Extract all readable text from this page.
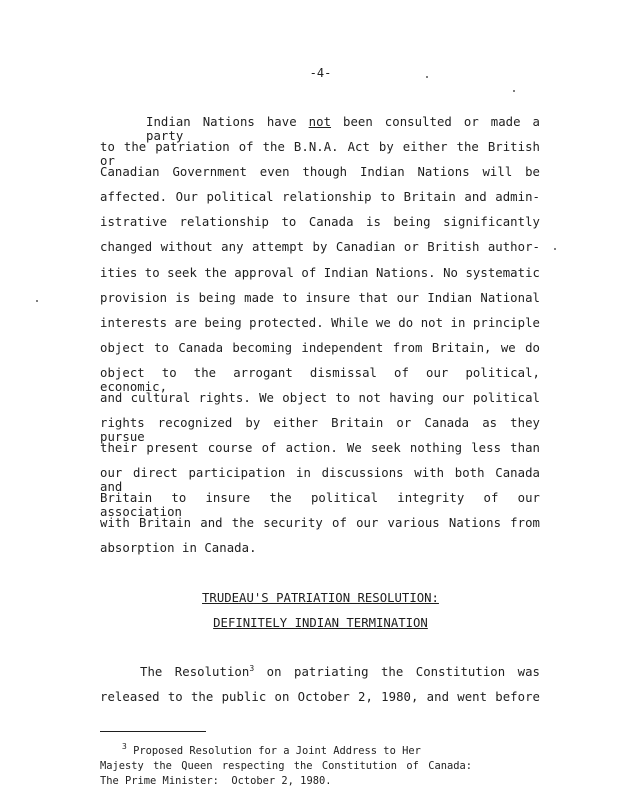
-4-
Indian Nations have not been consulted or made a party
to the patriation of the B.N.A. Act by either the British or
Canadian Government even though Indian Nations will be
affected. Our political relationship to Britain and admin-
istrative relationship to Canada is being significantly
changed without any attempt by Canadian or British author-
ities to seek the approval of Indian Nations. No systematic
provision is being made to insure that our Indian National
interests are being protected. While we do not in principle
object to Canada becoming independent from Britain, we do
object to the arrogant dismissal of our political, economic,
and cultural rights. We object to not having our political
rights recognized by either Britain or Canada as they pursue
their present course of action. We seek nothing less than
our direct participation in discussions with both Canada and
Britain to insure the political integrity of our association
with Britain and the security of our various Nations from
absorption in Canada.
TRUDEAU'S PATRIATION RESOLUTION:
DEFINITELY INDIAN TERMINATION
The Resolution$^3$ on patriating the Constitution was
released to the public on October 2, 1980, and went before
$^3$ Proposed Resolution for a Joint Address to Her
Majesty the Queen respecting the Constitution of Canada:
The Prime Minister:  October 2, 1980.
